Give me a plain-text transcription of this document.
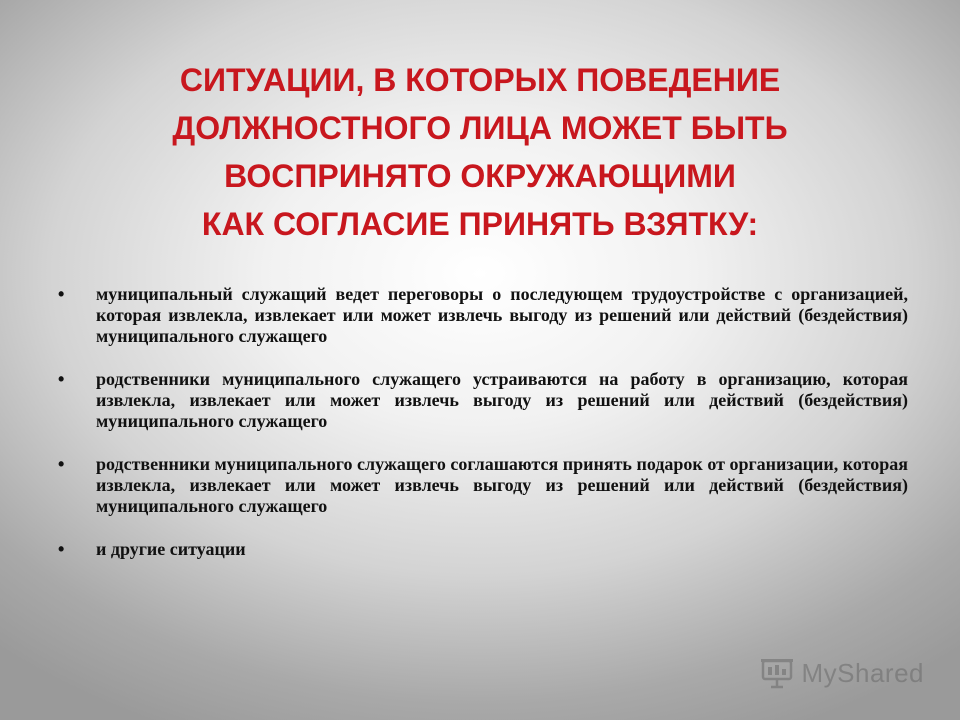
СИТУАЦИИ, В КОТОРЫХ ПОВЕДЕНИЕ
ДОЛЖНОСТНОГО ЛИЦА МОЖЕТ БЫТЬ
ВОСПРИНЯТО ОКРУЖАЮЩИМИ
КАК СОГЛАСИЕ ПРИНЯТЬ ВЗЯТКУ:
• муниципальный служащий ведет переговоры о последующем трудоустройстве с организацией, которая извлекла, извлекает или может извлечь выгоду из решений или действий (бездействия) муниципального служащего
• родственники муниципального служащего устраиваются на работу в организацию, которая извлекла, извлекает или может извлечь выгоду из решений или действий (бездействия) муниципального служащего
• родственники муниципального служащего соглашаются принять подарок от организации, которая извлекла, извлекает или может извлечь выгоду из решений или действий (бездействия) муниципального служащего
• и другие ситуации
MyShared
